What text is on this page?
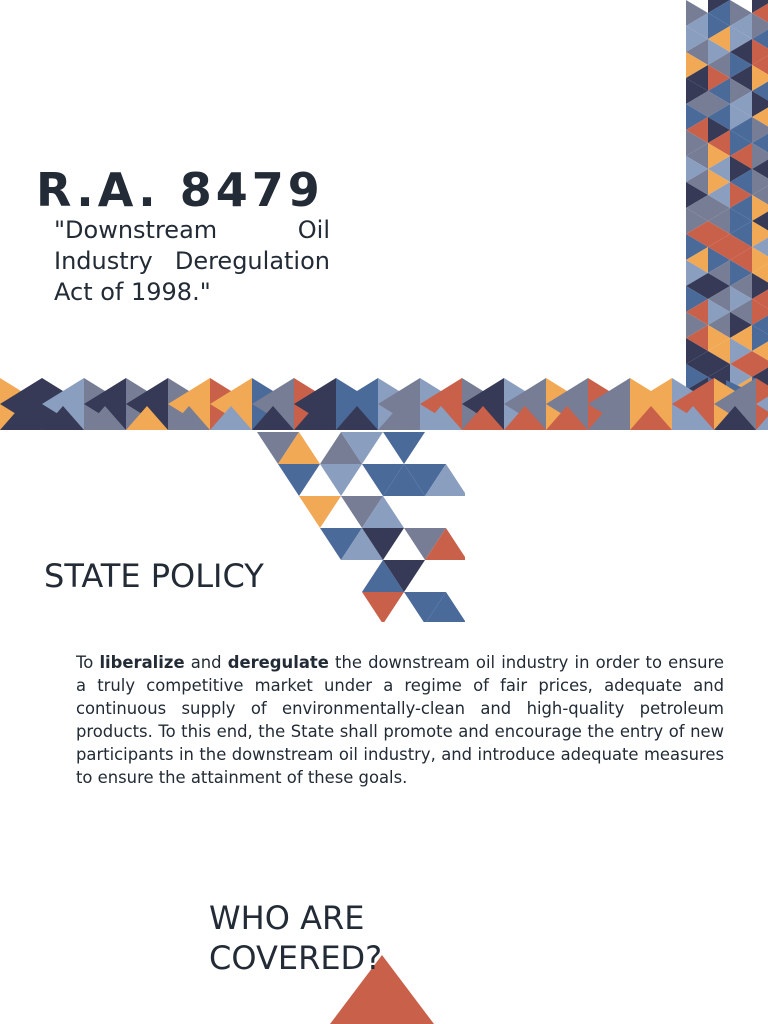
R.A. 8479

"Downstream Oil Industry Deregulation Act of 1998."

STATE POLICY

To liberalize and deregulate the downstream oil industry in order to ensure a truly competitive market under a regime of fair prices, adequate and continuous supply of environmentally-clean and high-quality petroleum products. To this end, the State shall promote and encourage the entry of new participants in the downstream oil industry, and introduce adequate measures to ensure the attainment of these goals.

WHO ARE COVERED?
